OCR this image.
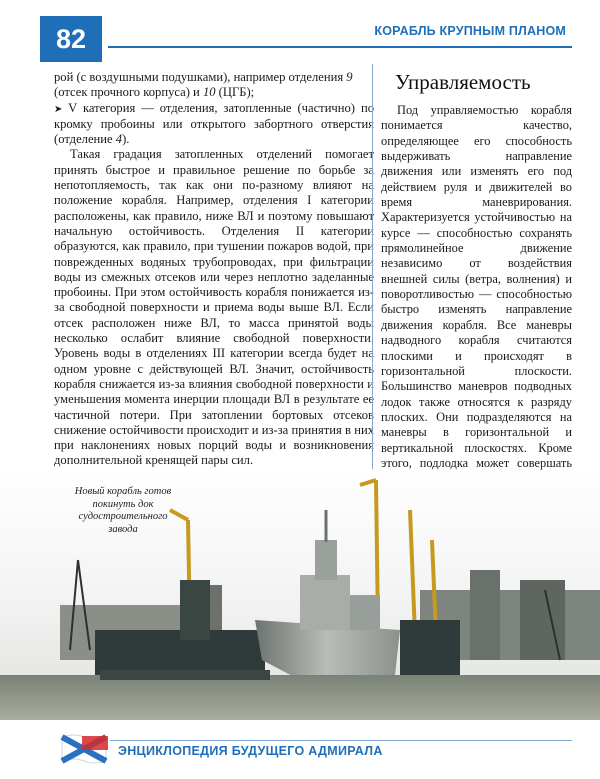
82	КОРАБЛЬ КРУПНЫМ ПЛАНОМ

рой (с воздушными подушками), например отделения 9
(отсек прочного корпуса) и 10 (ЦГБ);

➤ V категория — отделения, затопленные (частично) по кромку пробоины или открытого забортного отверстия (отделение 4).

Такая градация затопленных отделений помогает принять быстрое и правильное решение по борьбе за непотопляемость, так как они по-разному влияют на положение корабля. Например, отделения I категории расположены, как правило, ниже ВЛ и поэтому повышают начальную остойчивость. Отделения II категории образуются, как правило, при тушении пожаров водой, при поврежденных водяных трубопроводах, при фильтрации воды из смежных отсеков или через неплотно заделанные пробоины. При этом остойчивость корабля понижается из-за свободной поверхности и приема воды выше ВЛ. Если отсек расположен ниже ВЛ, то масса принятой воды несколько ослабит влияние свободной поверхности. Уровень воды в отделениях III категории всегда будет на одном уровне с действующей ВЛ. Значит, остойчивость корабля снижается из-за влияния свободной поверхности и уменьшения момента инерции площади ВЛ в результате ее частичной потери. При затоплении бортовых отсеков снижение остойчивости происходит и из-за принятия в них при наклонениях новых порций воды и возникновения дополнительной кренящей пары сил.

Управляемость

Под управляемостью корабля понимается качество, определяющее его способность выдерживать направление движения или изменять его под действием руля и движителей во время маневрирования. Характеризуется устойчивостью на курсе — способностью сохранять прямолинейное движение независимо от воздействия внешней силы (ветра, волнения) и поворотливостью — способностью быстро изменять направление движения корабля. Все маневры надводного корабля считаются плоскими и происходят в горизонтальной плоскости. Большинство маневров подводных лодок также относятся к разряду плоских. Они подразделяются на маневры в горизонтальной и вертикальной плоскостях. Кроме этого, подлодка может совершать

Новый корабль готов покинуть док судостроительного завода
ЭНЦИКЛОПЕДИЯ БУДУЩЕГО АДМИРАЛА
